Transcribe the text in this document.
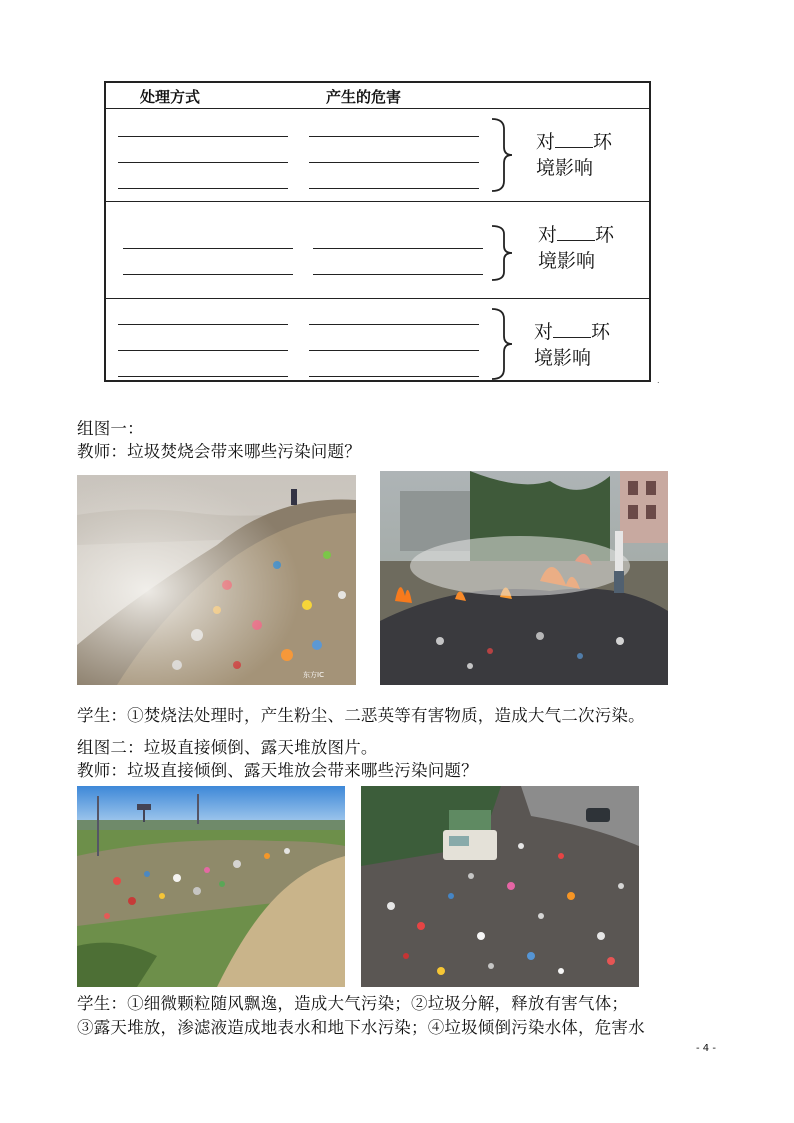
处理方式	产生的危害
对 环
境影响
对 环
境影响
对 环
境影响
.
组图一：
教师：垃圾焚烧会带来哪些污染问题？
东方IC
学生：①焚烧法处理时，产生粉尘、二恶英等有害物质，造成大气二次污染。
组图二：垃圾直接倾倒、露天堆放图片。
教师：垃圾直接倾倒、露天堆放会带来哪些污染问题？
学生：①细微颗粒随风飘逸，造成大气污染；②垃圾分解，释放有害气体；
③露天堆放，渗滤液造成地表水和地下水污染；④垃圾倾倒污染水体，危害水
- 4 -
